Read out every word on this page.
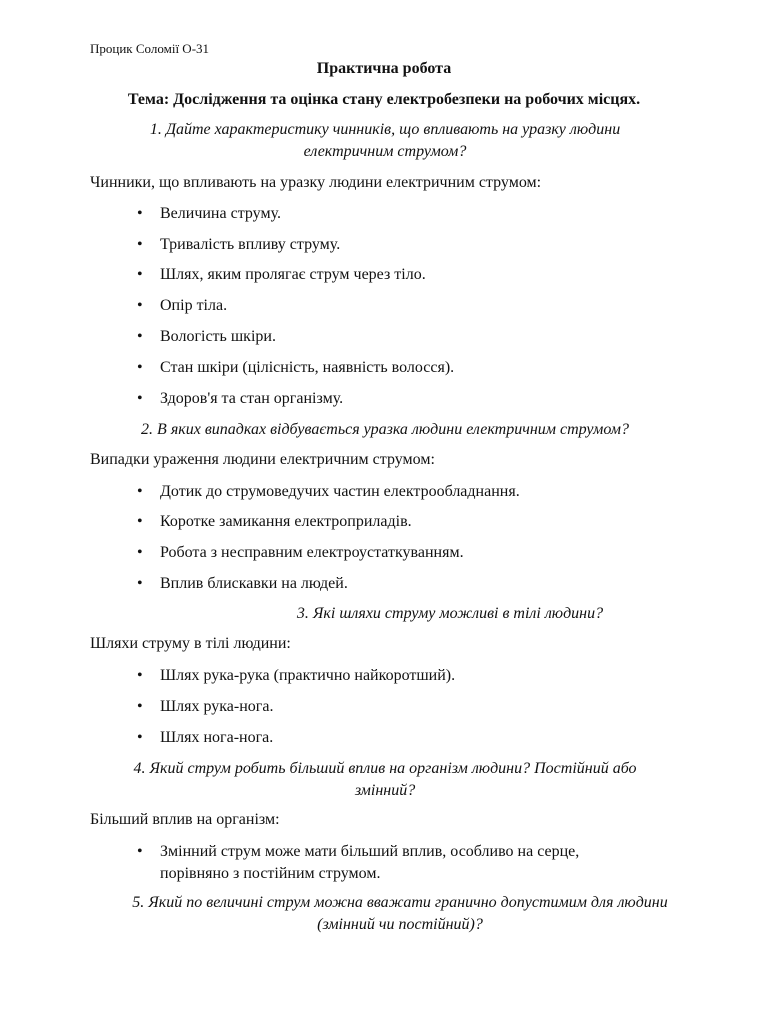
Процик Соломії О-31
Практична робота
Тема: Дослідження та оцінка стану електробезпеки на робочих місцях.
1. Дайте характеристику чинників, що впливають на уразку людини
електричним струмом?
Чинники, що впливають на уразку людини електричним струмом:
• Величина струму.
• Тривалість впливу струму.
• Шлях, яким пролягає струм через тіло.
• Опір тіла.
• Вологість шкіри.
• Стан шкіри (цілісність, наявність волосся).
• Здоров'я та стан організму.
2. В яких випадках відбувається уразка людини електричним струмом?
Випадки ураження людини електричним струмом:
• Дотик до струмоведучих частин електрообладнання.
• Коротке замикання електроприладів.
• Робота з несправним електроустаткуванням.
• Вплив блискавки на людей.
3. Які шляхи струму можливі в тілі людини?
Шляхи струму в тілі людини:
• Шлях рука-рука (практично найкоротший).
• Шлях рука-нога.
• Шлях нога-нога.
4. Який струм робить більший вплив на організм людини? Постійний або
змінний?
Більший вплив на організм:
• Змінний струм може мати більший вплив, особливо на серце,
порівняно з постійним струмом.
5. Який по величині струм можна вважати гранично допустимим для людини
(змінний чи постійний)?
